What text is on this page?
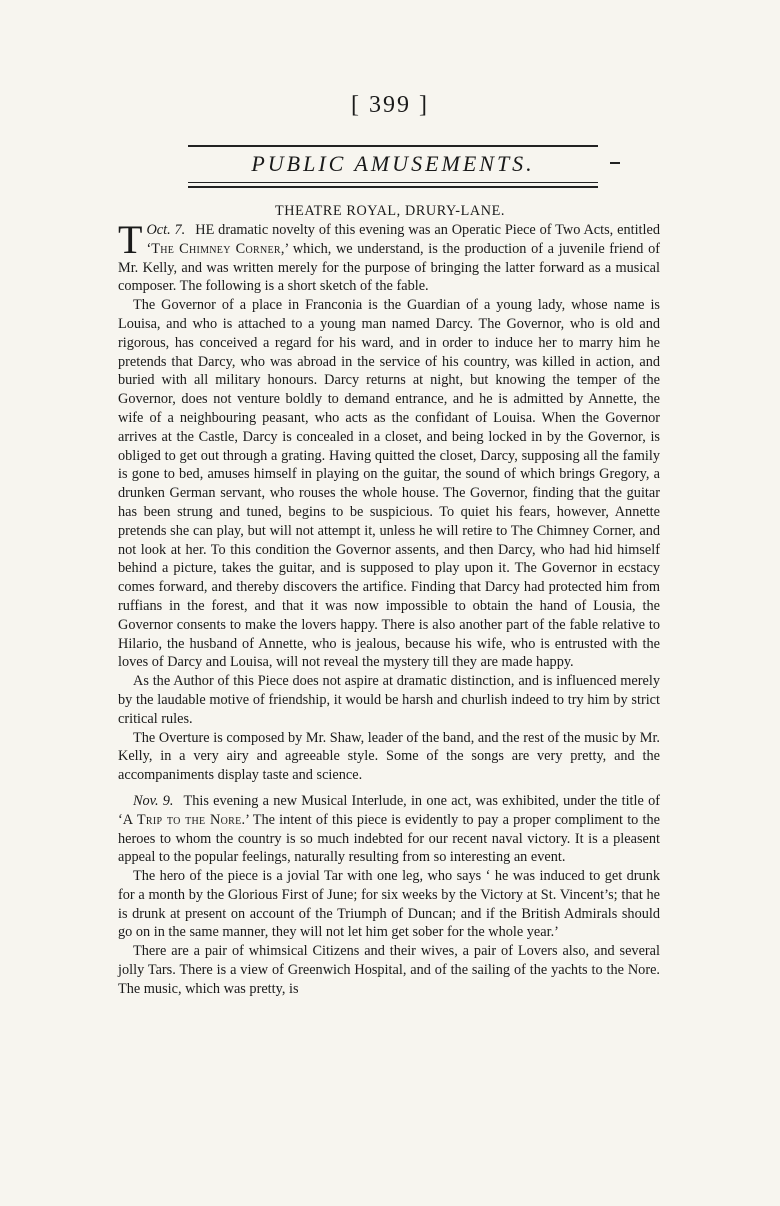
[ 399 ]
PUBLIC AMUSEMENTS.
THEATRE ROYAL, DRURY-LANE.

Oct. 7.
T	HE dramatic novelty of this evening was an Operatic Piece of Two Acts, entitled ‘The Chimney Corner,’ which, we understand, is the production of a juvenile friend of Mr. Kelly, and was written merely for the purpose of bringing the latter forward as a musical composer. The following is a short sketch of the fable.

The Governor of a place in Franconia is the Guardian of a young lady, whose name is Louisa, and who is attached to a young man named Darcy. The Governor, who is old and rigorous, has conceived a regard for his ward, and in order to induce her to marry him he pretends that Darcy, who was abroad in the service of his country, was killed in action, and buried with all military honours. Darcy returns at night, but knowing the temper of the Governor, does not venture boldly to demand entrance, and he is admitted by Annette, the wife of a neighbouring peasant, who acts as the confidant of Louisa. When the Governor arrives at the Castle, Darcy is concealed in a closet, and being locked in by the Governor, is obliged to get out through a grating. Having quitted the closet, Darcy, supposing all the family is gone to bed, amuses himself in playing on the guitar, the sound of which brings Gregory, a drunken German servant, who rouses the whole house. The Governor, finding that the guitar has been strung and tuned, begins to be suspicious. To quiet his fears, however, Annette pretends she can play, but will not attempt it, unless he will retire to The Chimney Corner, and not look at her. To this condition the Governor assents, and then Darcy, who had hid himself behind a picture, takes the guitar, and is supposed to play upon it. The Governor in ecstacy comes forward, and thereby discovers the artifice. Finding that Darcy had protected him from ruffians in the forest, and that it was now impossible to obtain the hand of Lousia, the Governor consents to make the lovers happy. There is also another part of the fable relative to Hilario, the husband of Annette, who is jealous, because his wife, who is entrusted with the loves of Darcy and Louisa, will not reveal the mystery till they are made happy.

As the Author of this Piece does not aspire at dramatic distinction, and is influenced merely by the laudable motive of friendship, it would be harsh and churlish indeed to try him by strict critical rules.

The Overture is composed by Mr. Shaw, leader of the band, and the rest of the music by Mr. Kelly, in a very airy and agreeable style. Some of the songs are very pretty, and the accompaniments display taste and science.

Nov. 9. This evening a new Musical Interlude, in one act, was exhibited, under the title of ‘A Trip to the Nore.’ The intent of this piece is evidently to pay a proper compliment to the heroes to whom the country is so much indebted for our recent naval victory. It is a pleasent appeal to the popular feelings, naturally resulting from so interesting an event.

The hero of the piece is a jovial Tar with one leg, who says ‘ he was induced to get drunk for a month by the Glorious First of June; for six weeks by the Victory at St. Vincent’s; that he is drunk at present on account of the Triumph of Duncan; and if the British Admirals should go on in the same manner, they will not let him get sober for the whole year.’

There are a pair of whimsical Citizens and their wives, a pair of Lovers also, and several jolly Tars. There is a view of Greenwich Hospital, and of the sailing of the yachts to the Nore. The music, which was pretty, is
